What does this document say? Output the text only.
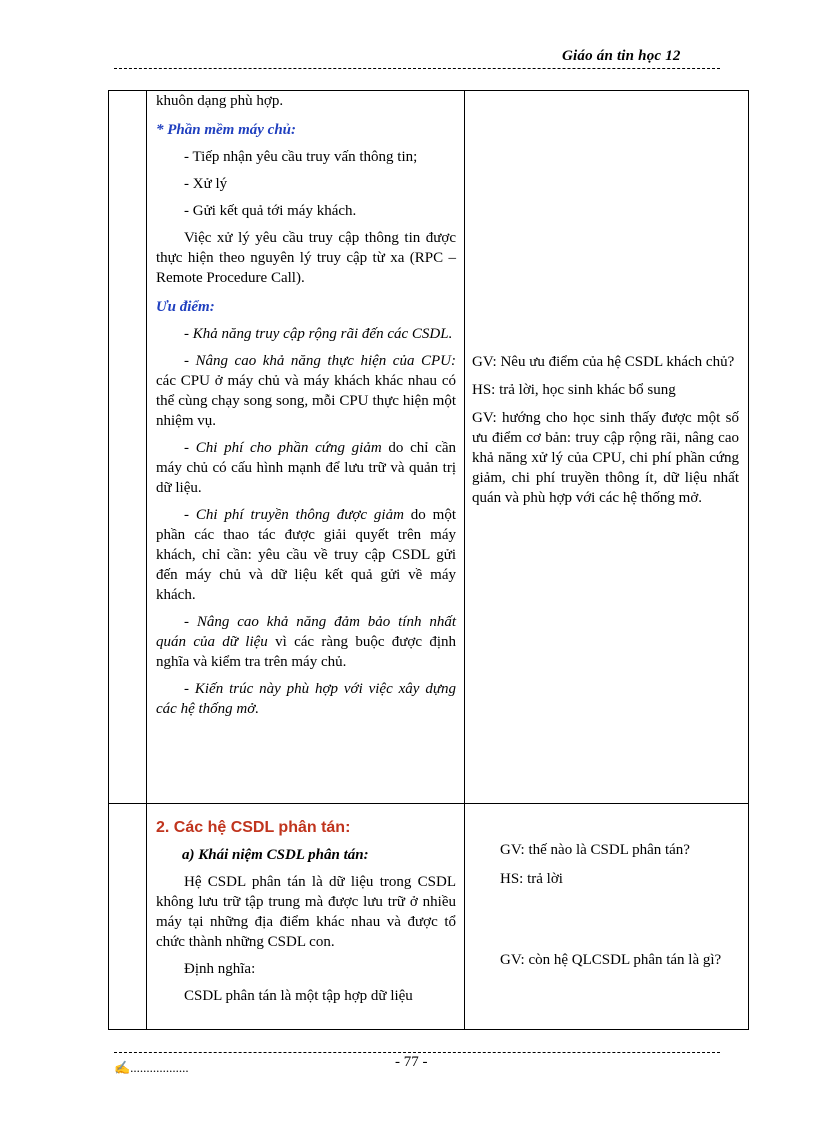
Giáo án tin học 12

khuôn dạng phù hợp.

* Phần mềm máy chủ:

- Tiếp nhận yêu cầu truy vấn thông tin;

- Xử lý

- Gửi kết quả tới máy khách.

Việc xử lý yêu cầu truy cập thông tin được thực hiện theo nguyên lý truy cập từ xa (RPC – Remote Procedure Call).

Ưu điểm:

- Khả năng truy cập rộng rãi đến các CSDL.

- Nâng cao khả năng thực hiện của CPU: các CPU ở máy chủ và máy khách khác nhau có thể cùng chạy song song, mỗi CPU thực hiện một nhiệm vụ.

- Chi phí cho phần cứng giảm do chỉ cần máy chủ có cấu hình mạnh để lưu trữ và quản trị dữ liệu.

- Chi phí truyền thông được giảm do một phần các thao tác được giải quyết trên máy khách, chỉ cần: yêu cầu về truy cập CSDL gửi đến máy chủ và dữ liệu kết quả gửi về máy khách.

- Nâng cao khả năng đảm bảo tính nhất quán của dữ liệu vì các ràng buộc được định nghĩa và kiểm tra trên máy chủ.

- Kiến trúc này phù hợp với việc xây dựng các hệ thống mở.

GV: Nêu ưu điểm của hệ CSDL khách chủ?

HS: trả lời, học sinh khác bổ sung

GV: hướng cho học sinh thấy được một số ưu điểm cơ bản: truy cập rộng rãi, nâng cao khả năng xử lý của CPU, chi phí phần cứng giảm, chi phí truyền thông ít, dữ liệu nhất quán và phù hợp với các hệ thống mở.

2. Các hệ CSDL phân tán:

a) Khái niệm CSDL phân tán:

Hệ CSDL phân tán là dữ liệu trong CSDL không lưu trữ tập trung mà được lưu trữ ở nhiều máy tại những địa điểm khác nhau và được tổ chức thành những CSDL con.

Định nghĩa:

CSDL phân tán là một tập hợp dữ liệu

GV: thế nào là CSDL phân tán?

HS: trả lời

GV: còn hệ QLCSDL phân tán là gì?

✍..................	- 77 -
